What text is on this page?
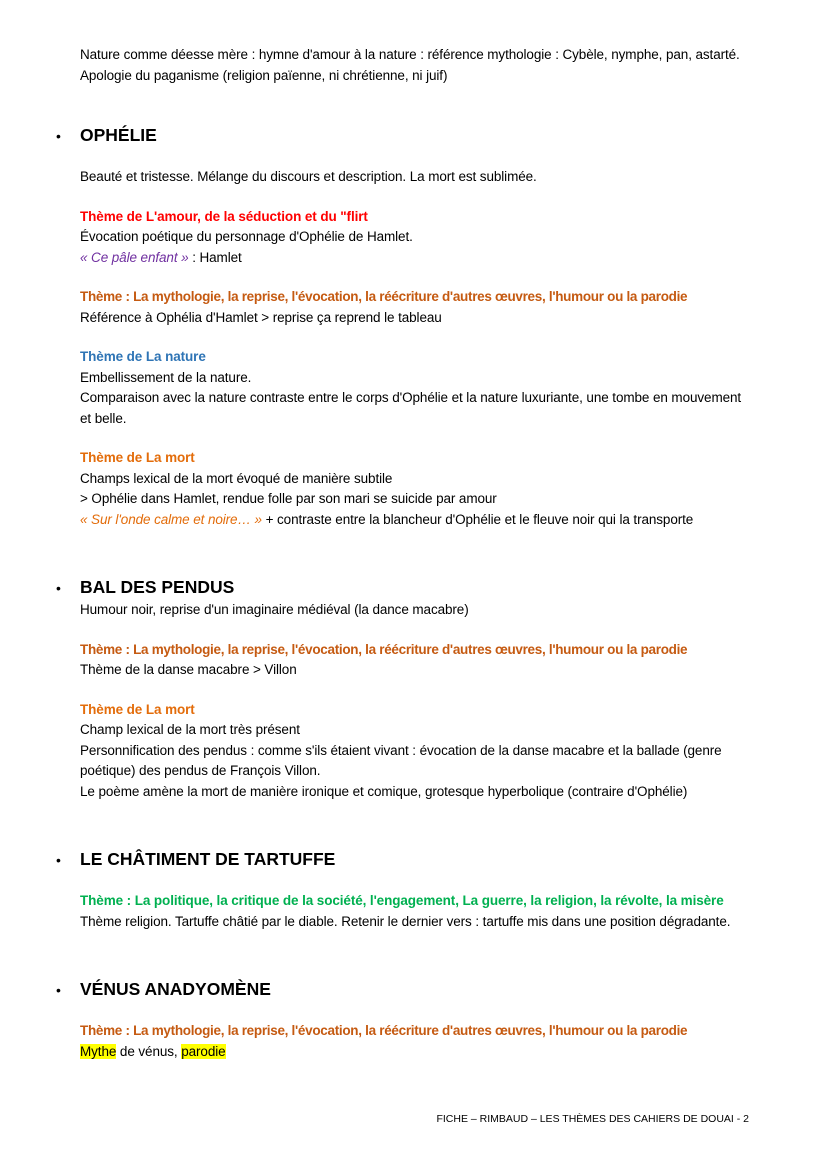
Nature comme déesse mère : hymne d'amour à la nature : référence mythologie : Cybèle, nymphe, pan, astarté.

Apologie du paganisme (religion païenne, ni chrétienne, ni juif)

•	OPHÉLIE

Beauté et tristesse. Mélange du discours et description. La mort est sublimée.

Thème de L'amour, de la séduction et du "flirt

Évocation poétique du personnage d'Ophélie de Hamlet.

« Ce pâle enfant » : Hamlet

Thème : La mythologie, la reprise, l'évocation, la réécriture d'autres œuvres, l'humour ou la parodie

Référence à Ophélia d'Hamlet > reprise ça reprend le tableau

Thème de La nature

Embellissement de la nature.

Comparaison avec la nature contraste entre le corps d'Ophélie et la nature luxuriante, une tombe en mouvement et belle.

Thème de La mort

Champs lexical de la mort évoqué de manière subtile

> Ophélie dans Hamlet, rendue folle par son mari se suicide par amour

« Sur l'onde calme et noire… » + contraste entre la blancheur d'Ophélie et le fleuve noir qui la transporte

•	BAL DES PENDUS

Humour noir, reprise d'un imaginaire médiéval (la dance macabre)

Thème : La mythologie, la reprise, l'évocation, la réécriture d'autres œuvres, l'humour ou la parodie

Thème de la danse macabre > Villon

Thème de La mort

Champ lexical de la mort très présent

Personnification des pendus : comme s'ils étaient vivant : évocation de la danse macabre et la ballade (genre poétique) des pendus de François Villon.

Le poème amène la mort de manière ironique et comique, grotesque hyperbolique (contraire d'Ophélie)

•	LE CHÂTIMENT DE TARTUFFE

Thème : La politique, la critique de la société, l'engagement, La guerre, la religion, la révolte, la misère

Thème religion. Tartuffe châtié par le diable. Retenir le dernier vers : tartuffe mis dans une position dégradante.

•	VÉNUS ANADYOMÈNE

Thème : La mythologie, la reprise, l'évocation, la réécriture d'autres œuvres, l'humour ou la parodie

Mythe de vénus, parodie

FICHE – RIMBAUD – LES THÈMES DES CAHIERS DE DOUAI - 2
